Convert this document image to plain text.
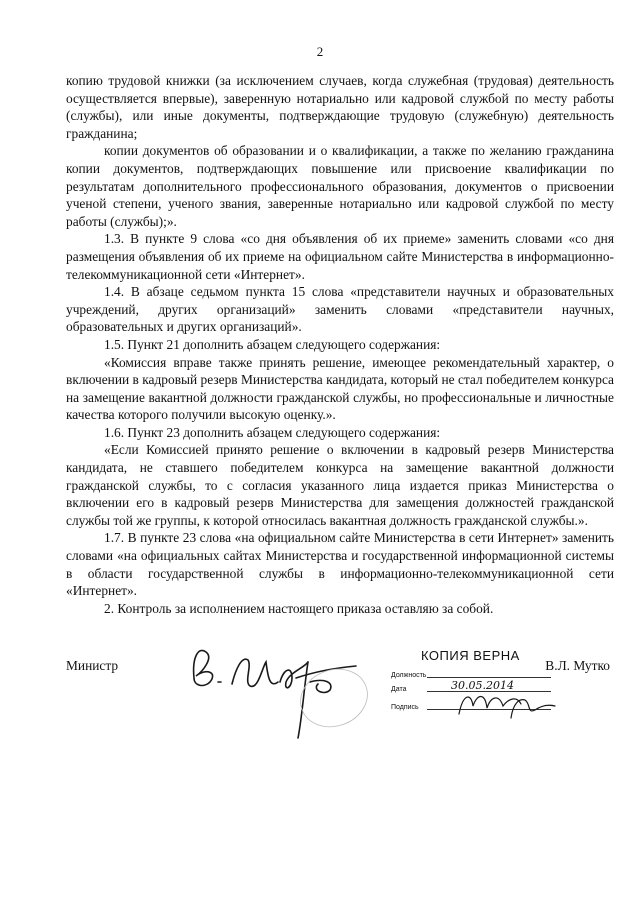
2

копию трудовой книжки (за исключением случаев, когда служебная (трудовая) деятельность осуществляется впервые), заверенную нотариально или кадровой службой по месту работы (службы), или иные документы, подтверждающие трудовую (служебную) деятельность гражданина;

копии документов об образовании и о квалификации, а также по желанию гражданина копии документов, подтверждающих повышение или присвоение квалификации по результатам дополнительного профессионального образования, документов о присвоении ученой степени, ученого звания, заверенные нотариально или кадровой службой по месту работы (службы);».

1.3. В пункте 9 слова «со дня объявления об их приеме» заменить словами «со дня размещения объявления об их приеме на официальном сайте Министерства в информационно-телекоммуникационной сети «Интернет».

1.4. В абзаце седьмом пункта 15 слова «представители научных и образовательных учреждений, других организаций» заменить словами «представители научных, образовательных и других организаций».

1.5. Пункт 21 дополнить абзацем следующего содержания:

«Комиссия вправе также принять решение, имеющее рекомендательный характер, о включении в кадровый резерв Министерства кандидата, который не стал победителем конкурса на замещение вакантной должности гражданской службы, но профессиональные и личностные качества которого получили высокую оценку.».

1.6. Пункт 23 дополнить абзацем следующего содержания:

«Если Комиссией принято решение о включении в кадровый резерв Министерства кандидата, не ставшего победителем конкурса на замещение вакантной должности гражданской службы, то с согласия указанного лица издается приказ Министерства о включении его в кадровый резерв Министерства для замещения должностей гражданской службы той же группы, к которой относилась вакантная должность гражданской службы.».

1.7. В пункте 23 слова «на официальном сайте Министерства в сети Интернет» заменить словами «на официальных сайтах Министерства и государственной информационной системы в области государственной службы в информационно-телекоммуникационной сети «Интернет».

2. Контроль за исполнением настоящего приказа оставляю за собой.

Министр
КОПИЯ ВЕРНА
Должность
Дата	30.05.2014
Подпись
В.Л. Мутко
